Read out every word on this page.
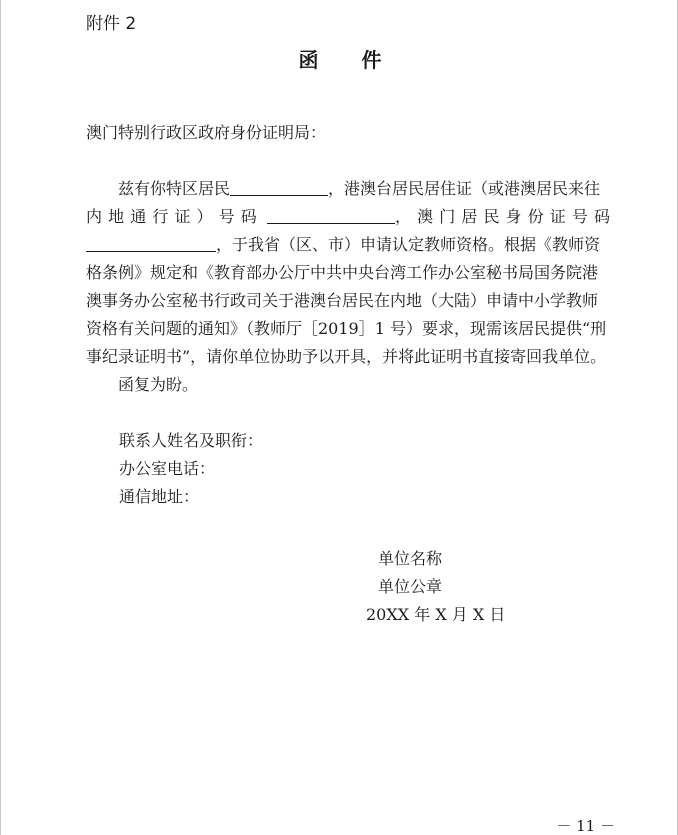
附件 2
函 件
澳门特别行政区政府身份证明局：
兹有你特区居民	，港澳台居民居住证（或港澳居民来往
内地通行证）号码	，澳门居民身份证号码
，于我省（区、市）申请认定教师资格。根据《教师资
格条例》规定和《教育部办公厅中共中央台湾工作办公室秘书局国务院港
澳事务办公室秘书行政司关于港澳台居民在内地（大陆）申请中小学教师
资格有关问题的通知》（教师厅［2019］1 号）要求，现需该居民提供“刑
事纪录证明书”，请你单位协助予以开具，并将此证明书直接寄回我单位。
函复为盼。
联系人姓名及职衔：
办公室电话：
通信地址：
单位名称
单位公章
20XX 年 X 月 X 日
－ 11 －
